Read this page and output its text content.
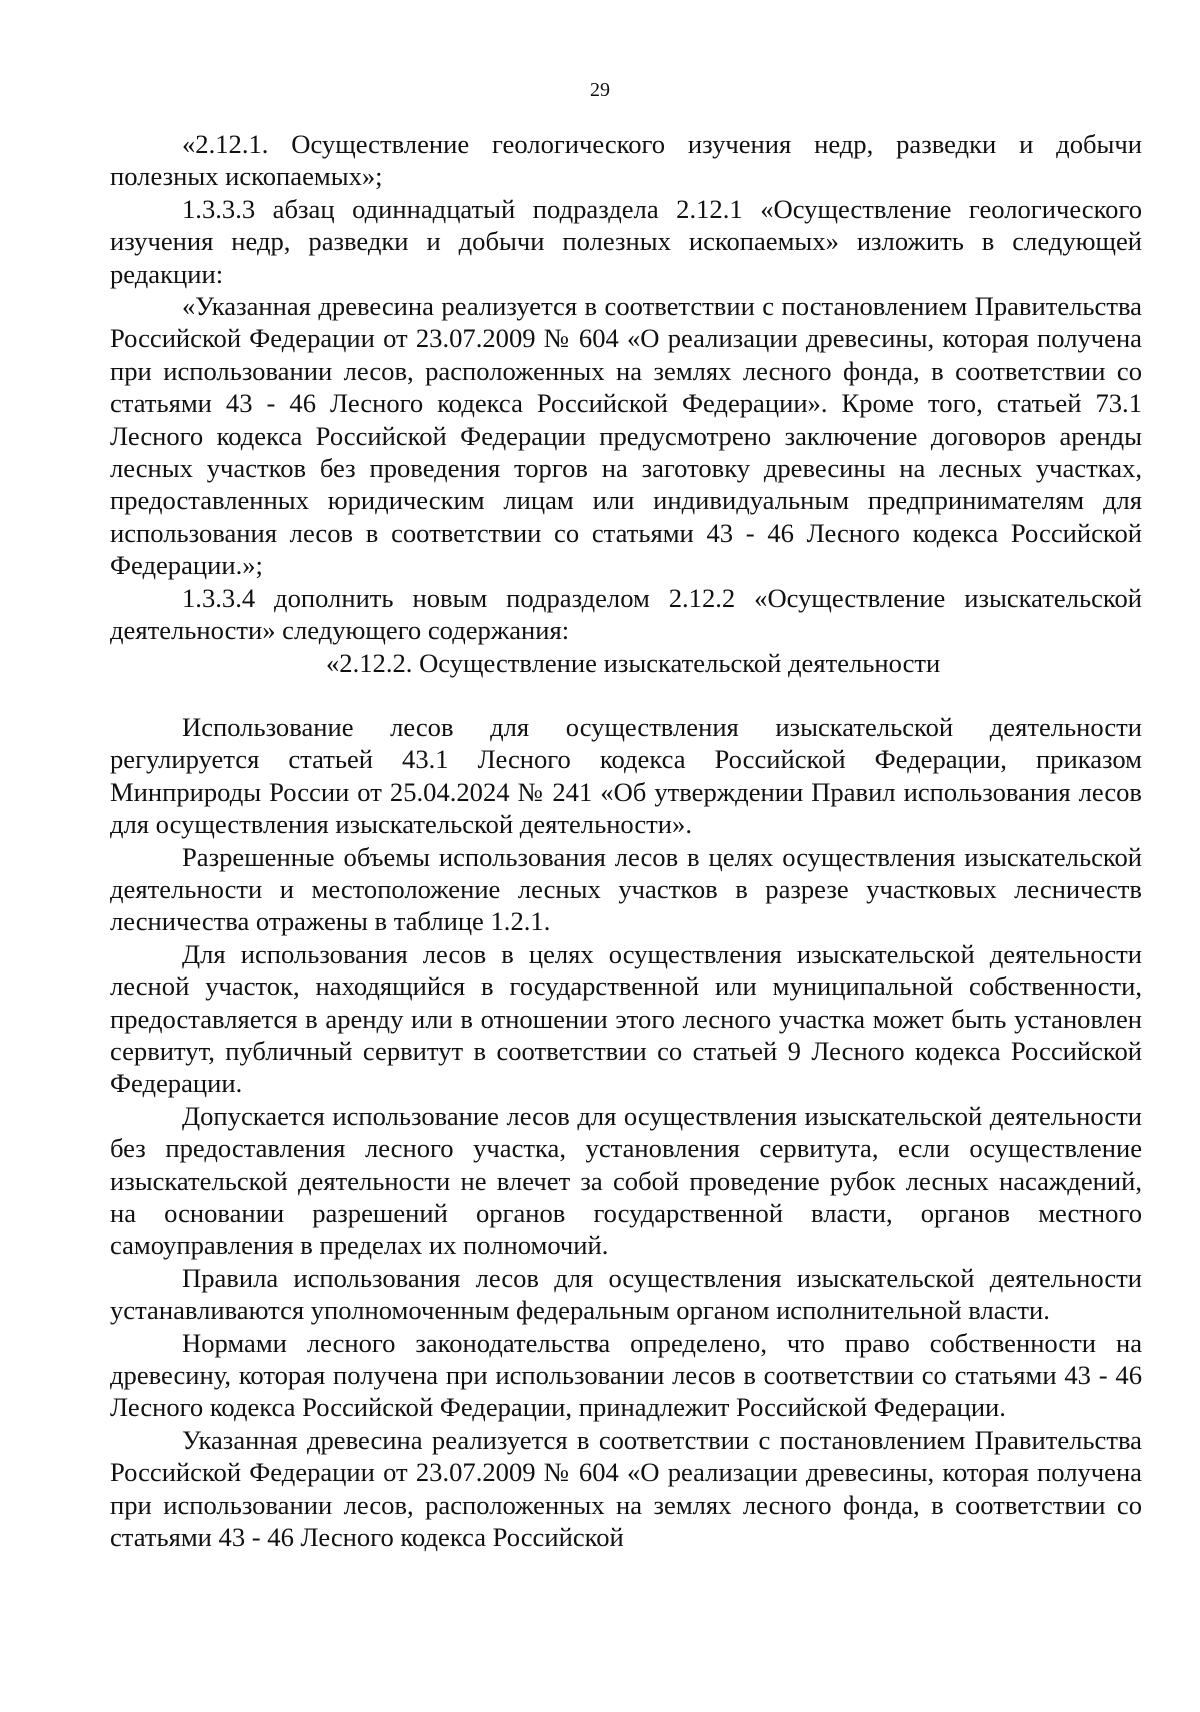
29

«2.12.1. Осуществление геологического изучения недр, разведки и добычи полезных ископаемых»;

1.3.3.3 абзац одиннадцатый подраздела 2.12.1 «Осуществление геологического изучения недр, разведки и добычи полезных ископаемых» изложить в следующей редакции:

«Указанная древесина реализуется в соответствии с постановлением Правительства Российской Федерации от 23.07.2009 № 604 «О реализации древесины, которая получена при использовании лесов, расположенных на землях лесного фонда, в соответствии со статьями 43 - 46 Лесного кодекса Российской Федерации». Кроме того, статьей 73.1 Лесного кодекса Российской Федерации предусмотрено заключение договоров аренды лесных участков без проведения торгов на заготовку древесины на лесных участках, предоставленных юридическим лицам или индивидуальным предпринимателям для использования лесов в соответствии со статьями 43 - 46 Лесного кодекса Российской Федерации.»;

1.3.3.4 дополнить новым подразделом 2.12.2 «Осуществление изыскательской деятельности» следующего содержания:

«2.12.2. Осуществление изыскательской деятельности

Использование лесов для осуществления изыскательской деятельности регулируется статьей 43.1 Лесного кодекса Российской Федерации, приказом Минприроды России от 25.04.2024 № 241 «Об утверждении Правил использования лесов для осуществления изыскательской деятельности».

Разрешенные объемы использования лесов в целях осуществления изыскательской деятельности и местоположение лесных участков в разрезе участковых лесничеств лесничества отражены в таблице 1.2.1.

Для использования лесов в целях осуществления изыскательской деятельности лесной участок, находящийся в государственной или муниципальной собственности, предоставляется в аренду или в отношении этого лесного участка может быть установлен сервитут, публичный сервитут в соответствии со статьей 9 Лесного кодекса Российской Федерации.

Допускается использование лесов для осуществления изыскательской деятельности без предоставления лесного участка, установления сервитута, если осуществление изыскательской деятельности не влечет за собой проведение рубок лесных насаждений, на основании разрешений органов государственной власти, органов местного самоуправления в пределах их полномочий.

Правила использования лесов для осуществления изыскательской деятельности устанавливаются уполномоченным федеральным органом исполнительной власти.

Нормами лесного законодательства определено, что право собственности на древесину, которая получена при использовании лесов в соответствии со статьями 43 - 46 Лесного кодекса Российской Федерации, принадлежит Российской Федерации.

Указанная древесина реализуется в соответствии с постановлением Правительства Российской Федерации от 23.07.2009 № 604 «О реализации древесины, которая получена при использовании лесов, расположенных на землях лесного фонда, в соответствии со статьями 43 - 46 Лесного кодекса Российской
